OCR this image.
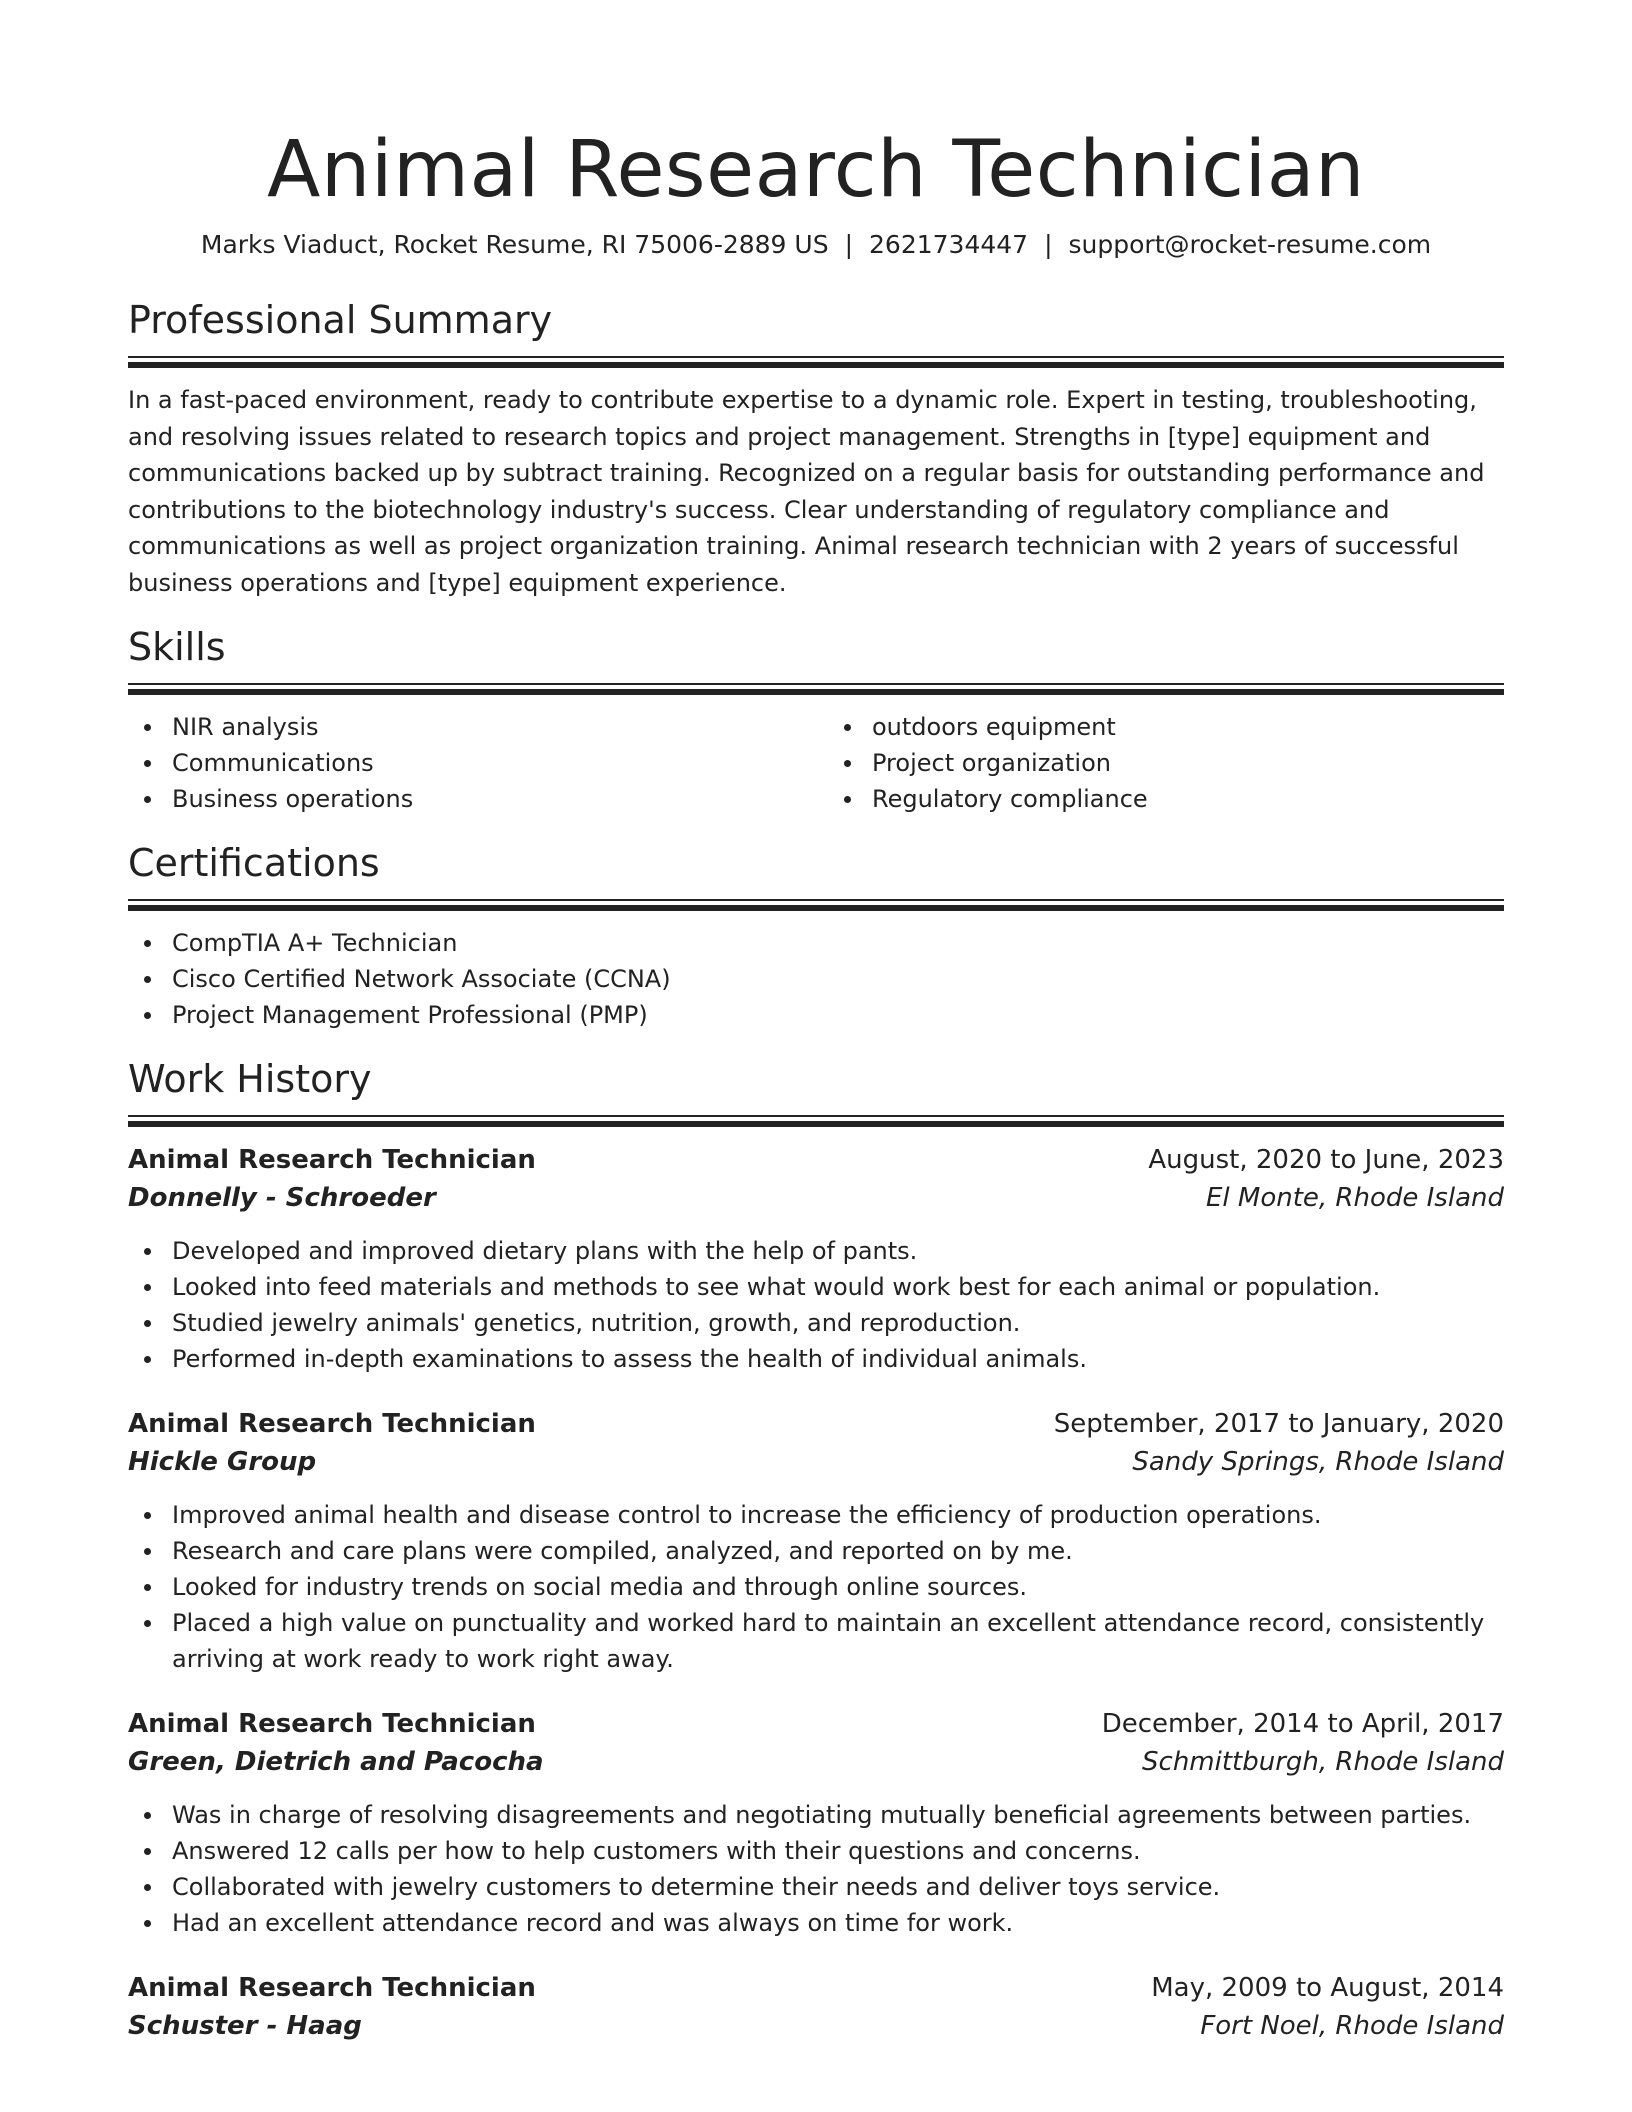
Animal Research Technician
Marks Viaduct, Rocket Resume, RI 75006-2889 US | 2621734447 | support@rocket-resume.com
Professional Summary

In a fast-paced environment, ready to contribute expertise to a dynamic role. Expert in testing, troubleshooting, and resolving issues related to research topics and project management. Strengths in [type] equipment and communications backed up by subtract training. Recognized on a regular basis for outstanding performance and contributions to the biotechnology industry's success. Clear understanding of regulatory compliance and communications as well as project organization training. Animal research technician with 2 years of successful business operations and [type] equipment experience.

Skills
NIR analysis
Communications
Business operations
outdoors equipment
Project organization
Regulatory compliance
Certifications
CompTIA A+ Technician
Cisco Certified Network Associate (CCNA)
Project Management Professional (PMP)
Work History
Animal Research Technician	August, 2020 to June, 2023
Donnelly - Schroeder	El Monte, Rhode Island
Developed and improved dietary plans with the help of pants.
Looked into feed materials and methods to see what would work best for each animal or population.
Studied jewelry animals' genetics, nutrition, growth, and reproduction.
Performed in-depth examinations to assess the health of individual animals.
Animal Research Technician	September, 2017 to January, 2020
Hickle Group	Sandy Springs, Rhode Island
Improved animal health and disease control to increase the efficiency of production operations.
Research and care plans were compiled, analyzed, and reported on by me.
Looked for industry trends on social media and through online sources.
Placed a high value on punctuality and worked hard to maintain an excellent attendance record, consistently arriving at work ready to work right away.
Animal Research Technician	December, 2014 to April, 2017
Green, Dietrich and Pacocha	Schmittburgh, Rhode Island
Was in charge of resolving disagreements and negotiating mutually beneficial agreements between parties.
Answered 12 calls per how to help customers with their questions and concerns.
Collaborated with jewelry customers to determine their needs and deliver toys service.
Had an excellent attendance record and was always on time for work.
Animal Research Technician	May, 2009 to August, 2014
Schuster - Haag	Fort Noel, Rhode Island
